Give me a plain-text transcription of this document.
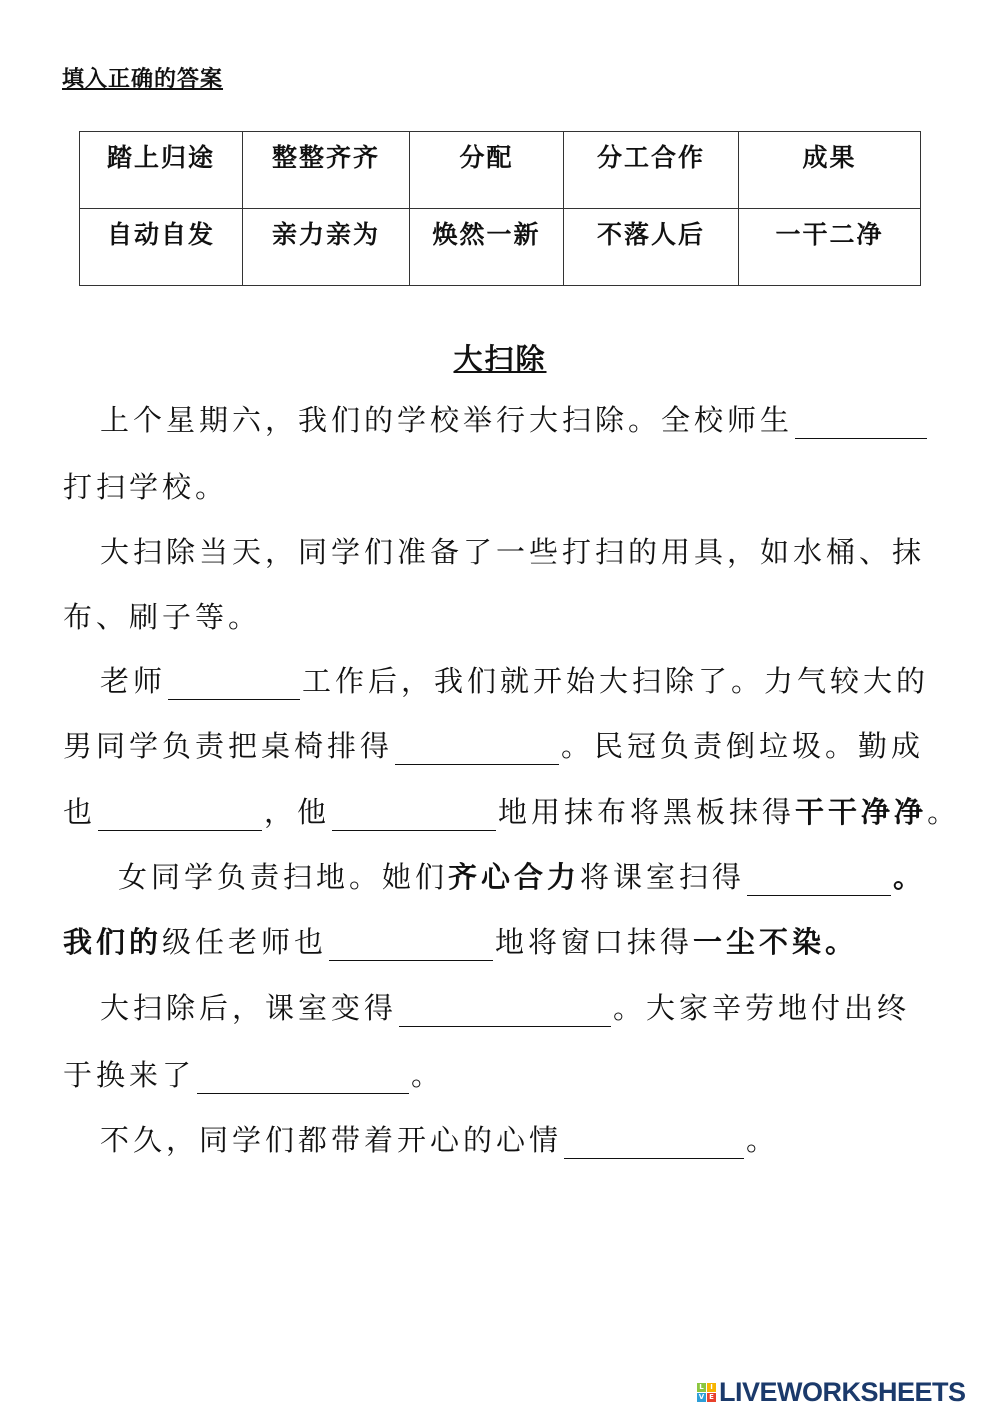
填入正确的答案
踏上归途	整整齐齐	分配	分工合作	成果
自动自发	亲力亲为	焕然一新	不落人后	一干二净
大扫除
上个星期六，我们的学校举行大扫除。全校师生
打扫学校。
大扫除当天，同学们准备了一些打扫的用具，如水桶、抹
布、刷子等。
老师	工作后，我们就开始大扫除了。力气较大的
男同学负责把桌椅排得	。民冠负责倒垃圾。勤成
也	，他	地用抹布将黑板抹得干干净净。
女同学负责扫地。她们齐心合力将课室扫得	。
我们的级任老师也	地将窗口抹得一尘不染。
大扫除后，课室变得	。大家辛劳地付出终
于换来了	。
不久，同学们都带着开心的心情	。
L I
V E LIVEWORKSHEETS
